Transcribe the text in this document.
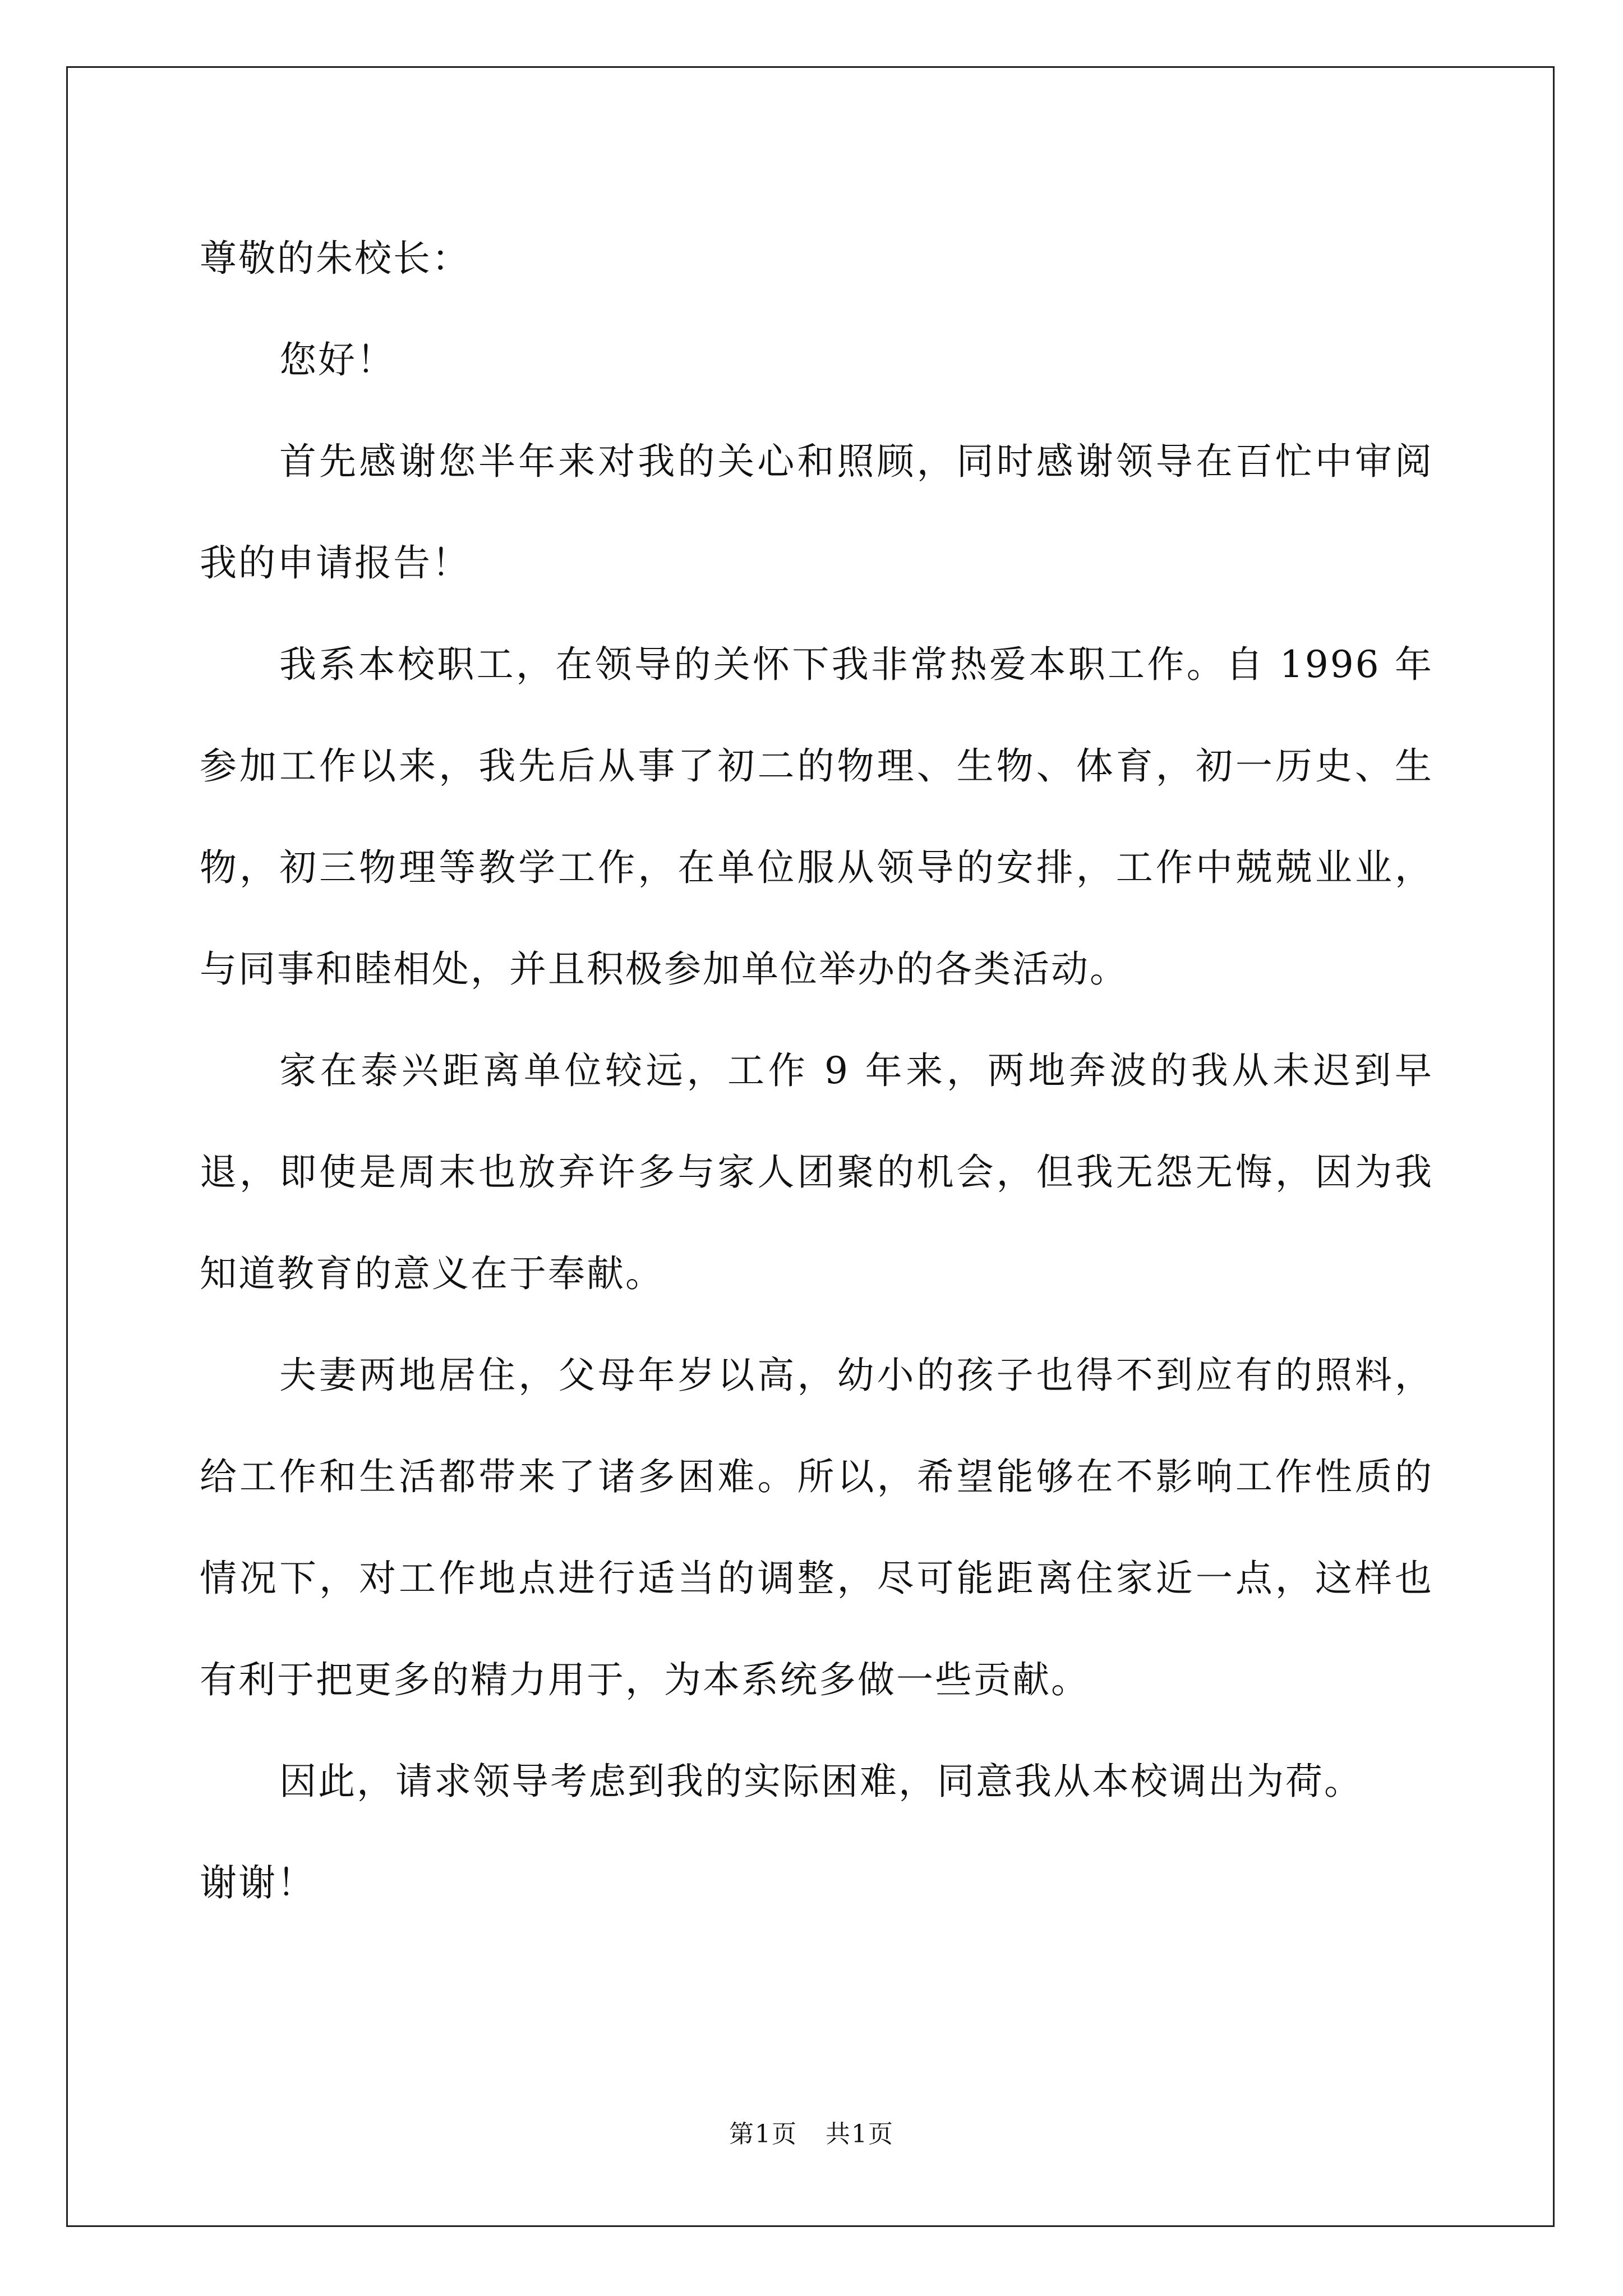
尊敬的朱校长：

您好！

首先感谢您半年来对我的关心和照顾，同时感谢领导在百忙中审阅我的申请报告！

我系本校职工，在领导的关怀下我非常热爱本职工作。自 1996 年参加工作以来，我先后从事了初二的物理、生物、体育，初一历史、生物，初三物理等教学工作，在单位服从领导的安排，工作中兢兢业业，与同事和睦相处，并且积极参加单位举办的各类活动。

家在泰兴距离单位较远，工作 9 年来，两地奔波的我从未迟到早退，即使是周末也放弃许多与家人团聚的机会，但我无怨无悔，因为我知道教育的意义在于奉献。

夫妻两地居住，父母年岁以高，幼小的孩子也得不到应有的照料，给工作和生活都带来了诸多困难。所以，希望能够在不影响工作性质的情况下，对工作地点进行适当的调整，尽可能距离住家近一点，这样也有利于把更多的精力用于，为本系统多做一些贡献。

因此，请求领导考虑到我的实际困难，同意我从本校调出为荷。

谢谢！

第1页 共1页
